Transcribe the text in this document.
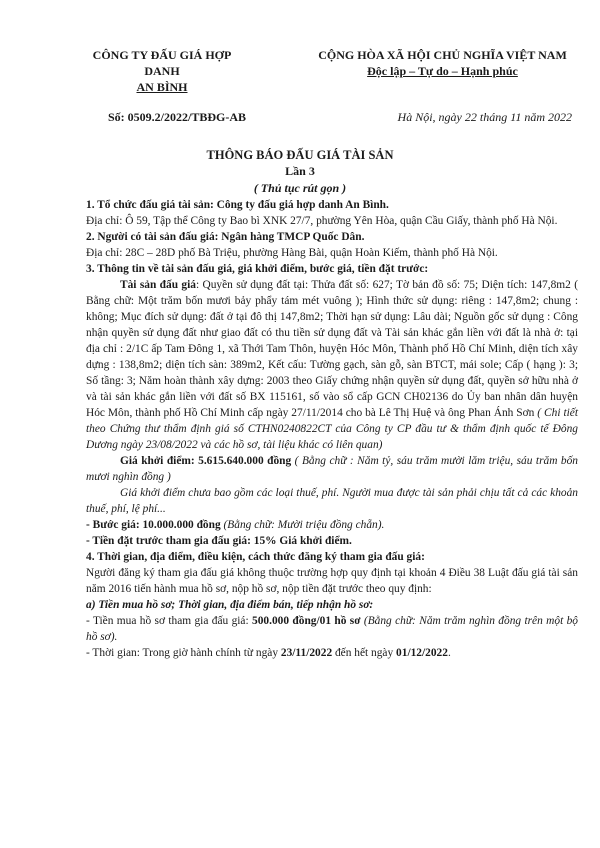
CÔNG TY ĐẤU GIÁ HỢP DANH
AN BÌNH
CỘNG HÒA XÃ HỘI CHỦ NGHĨA VIỆT NAM
Độc lập – Tự do – Hạnh phúc
Số: 0509.2/2022/TBĐG-AB	Hà Nội, ngày 22 tháng 11 năm 2022
THÔNG BÁO ĐẤU GIÁ TÀI SẢN
Lần 3
( Thủ tục rút gọn )

1. Tổ chức đấu giá tài sản: Công ty đấu giá hợp danh An Bình.

Địa chỉ: Ô 59, Tập thể Công ty Bao bì XNK 27/7, phường Yên Hòa, quận Cầu Giấy, thành phố Hà Nội.

2. Người có tài sản đấu giá: Ngân hàng TMCP Quốc Dân.

Địa chỉ: 28C – 28D phố Bà Triệu, phường Hàng Bài, quận Hoàn Kiếm, thành phố Hà Nội.

3. Thông tin về tài sản đấu giá, giá khởi điểm, bước giá, tiền đặt trước:

Tài sản đấu giá: Quyền sử dụng đất tại: Thửa đất số: 627; Tờ bản đồ số: 75; Diện tích: 147,8m2 ( Bằng chữ: Một trăm bốn mươi bảy phẩy tám mét vuông ); Hình thức sử dụng: riêng : 147,8m2; chung : không; Mục đích sử dụng: đất ở tại đô thị 147,8m2; Thời hạn sử dụng: Lâu dài; Nguồn gốc sử dụng : Công nhận quyền sử dụng đất như giao đất có thu tiền sử dụng đất và Tài sản khác gắn liền với đất là nhà ở: tại địa chỉ : 2/1C ấp Tam Đông 1, xã Thới Tam Thôn, huyện Hóc Môn, Thành phố Hồ Chí Minh, diện tích xây dựng : 138,8m2; diện tích sàn: 389m2, Kết cấu: Tường gạch, sàn gỗ, sàn BTCT, mái sole; Cấp ( hạng ): 3; Số tầng: 3; Năm hoàn thành xây dựng: 2003 theo Giấy chứng nhận quyền sử dụng đất, quyền sở hữu nhà ở và tài sản khác gắn liền với đất số BX 115161, số vào sổ cấp GCN CH02136 do Ủy ban nhân dân huyện Hóc Môn, thành phố Hồ Chí Minh cấp ngày 27/11/2014 cho bà Lê Thị Huệ và ông Phan Ánh Sơn ( Chi tiết theo Chứng thư thẩm định giá số CTHN0240822CT của Công ty CP đầu tư & thẩm định quốc tế Đông Dương ngày 23/08/2022 và các hồ sơ, tài liệu khác có liên quan)

Giá khởi điểm: 5.615.640.000 đồng ( Bằng chữ : Năm tỷ, sáu trăm mười lăm triệu, sáu trăm bốn mươi nghìn đồng )

Giá khởi điểm chưa bao gồm các loại thuế, phí. Người mua được tài sản phải chịu tất cả các khoản thuế, phí, lệ phí...

- Bước giá: 10.000.000 đồng (Bằng chữ: Mười triệu đồng chẵn).

- Tiền đặt trước tham gia đấu giá: 15% Giá khởi điểm.

4. Thời gian, địa điểm, điều kiện, cách thức đăng ký tham gia đấu giá:

Người đăng ký tham gia đấu giá không thuộc trường hợp quy định tại khoản 4 Điều 38 Luật đấu giá tài sản năm 2016 tiến hành mua hồ sơ, nộp hồ sơ, nộp tiền đặt trước theo quy định:

a) Tiền mua hồ sơ; Thời gian, địa điểm bán, tiếp nhận hồ sơ:

- Tiền mua hồ sơ tham gia đấu giá: 500.000 đồng/01 hồ sơ (Bằng chữ: Năm trăm nghìn đồng trên một bộ hồ sơ).

- Thời gian: Trong giờ hành chính từ ngày 23/11/2022 đến hết ngày 01/12/2022.
